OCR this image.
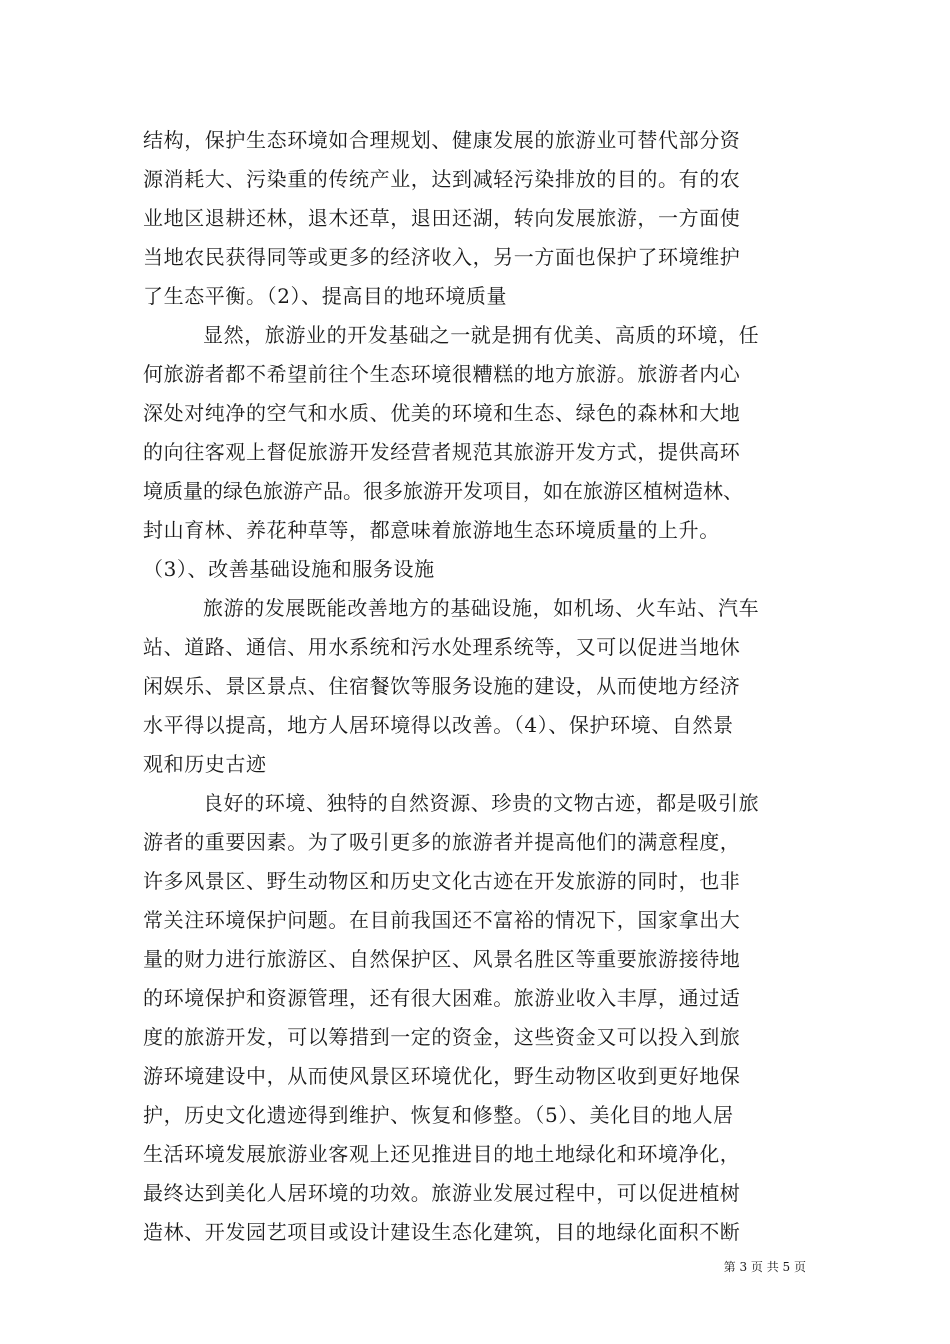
结构，保护生态环境如合理规划、健康发展的旅游业可替代部分资
源消耗大、污染重的传统产业，达到减轻污染排放的目的。有的农
业地区退耕还林，退木还草，退田还湖，转向发展旅游，一方面使
当地农民获得同等或更多的经济收入，另一方面也保护了环境维护
了生态平衡。（2）、提高目的地环境质量
显然，旅游业的开发基础之一就是拥有优美、高质的环境，任
何旅游者都不希望前往个生态环境很糟糕的地方旅游。旅游者内心
深处对纯净的空气和水质、优美的环境和生态、绿色的森林和大地
的向往客观上督促旅游开发经营者规范其旅游开发方式，提供高环
境质量的绿色旅游产品。很多旅游开发项目，如在旅游区植树造林、
封山育林、养花种草等，都意味着旅游地生态环境质量的上升。
（3）、改善基础设施和服务设施
旅游的发展既能改善地方的基础设施，如机场、火车站、汽车
站、道路、通信、用水系统和污水处理系统等，又可以促进当地休
闲娱乐、景区景点、住宿餐饮等服务设施的建设，从而使地方经济
水平得以提高，地方人居环境得以改善。（4）、保护环境、自然景
观和历史古迹
良好的环境、独特的自然资源、珍贵的文物古迹，都是吸引旅
游者的重要因素。为了吸引更多的旅游者并提高他们的满意程度，
许多风景区、野生动物区和历史文化古迹在开发旅游的同时，也非
常关注环境保护问题。在目前我国还不富裕的情况下，国家拿出大
量的财力进行旅游区、自然保护区、风景名胜区等重要旅游接待地
的环境保护和资源管理，还有很大困难。旅游业收入丰厚，通过适
度的旅游开发，可以筹措到一定的资金，这些资金又可以投入到旅
游环境建设中，从而使风景区环境优化，野生动物区收到更好地保
护，历史文化遗迹得到维护、恢复和修整。（5）、美化目的地人居
生活环境发展旅游业客观上还见推进目的地土地绿化和环境净化，
最终达到美化人居环境的功效。旅游业发展过程中，可以促进植树
造林、开发园艺项目或设计建设生态化建筑，目的地绿化面积不断
第 3 页 共 5 页
